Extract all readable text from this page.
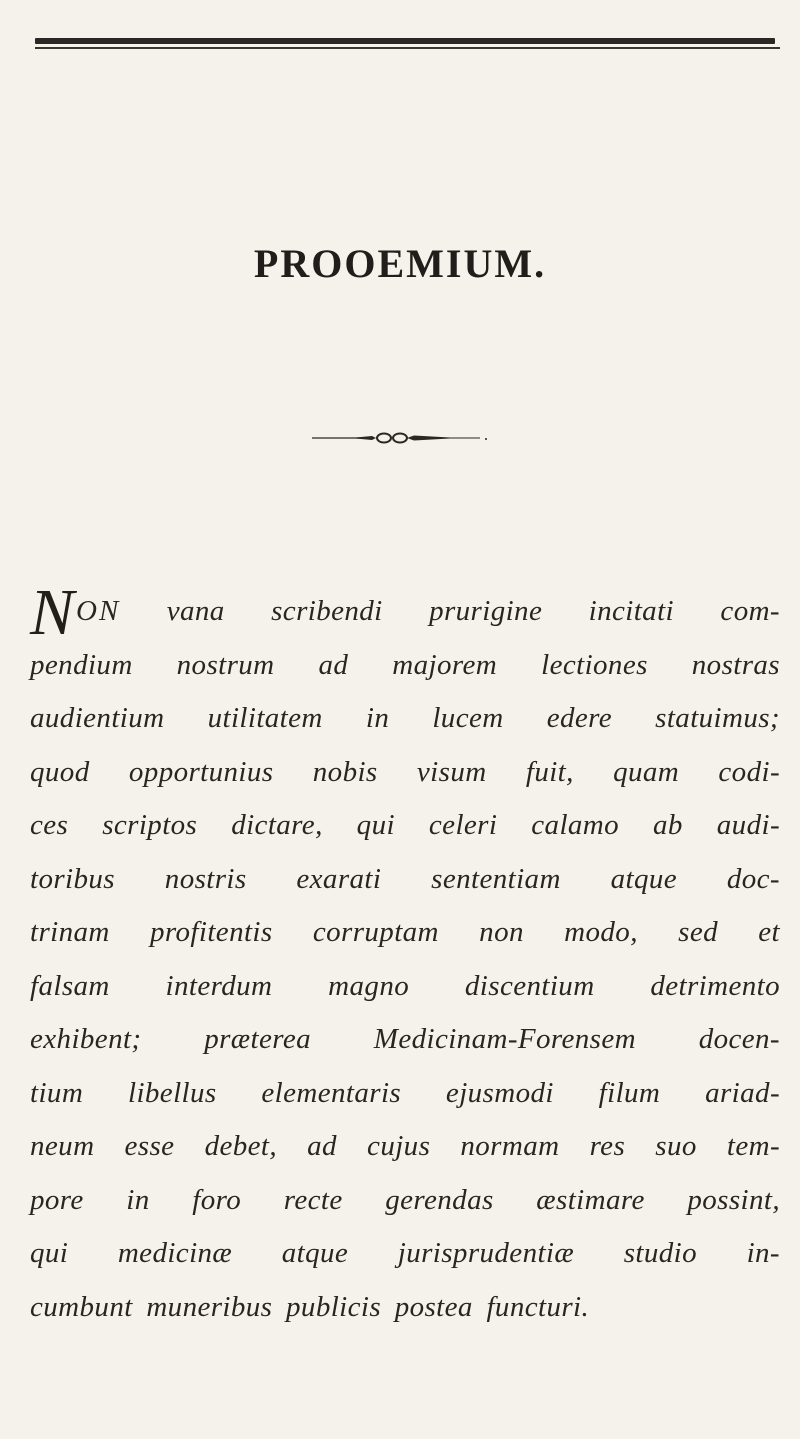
PROOEMIUM.
N ON vana scribendi prurigine incitati com-
pendium nostrum ad majorem lectiones nostras
audientium utilitatem in lucem edere statuimus;
quod opportunius nobis visum fuit, quam codi-
ces scriptos dictare, qui celeri calamo ab audi-
toribus nostris exarati sententiam atque doc-
trinam profitentis corruptam non modo, sed et
falsam interdum magno discentium detrimento
exhibent; præterea Medicinam-Forensem docen-
tium libellus elementaris ejusmodi filum ariad-
neum esse debet, ad cujus normam res suo tem-
pore in foro recte gerendas æstimare possint,
qui medicinæ atque jurisprudentiæ studio in-
cumbunt muneribus publicis postea functuri.
